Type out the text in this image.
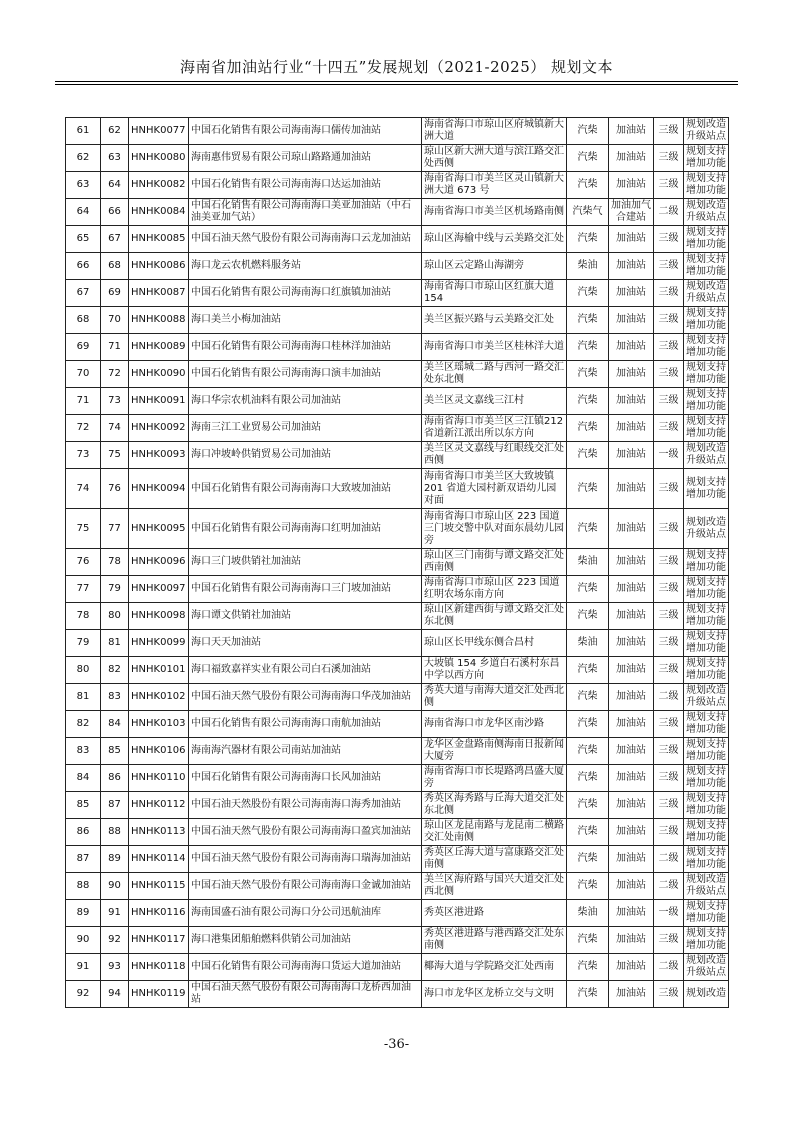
海南省加油站行业“十四五”发展规划（2021-2025） 规划文本
61	62	HNHK0077	中国石化销售有限公司海南海口儒传加油站	海南省海口市琼山区府城镇新大洲大道	汽柴	加油站	三级	规划改造升级站点
62	63	HNHK0080	海南惠伟贸易有限公司琼山路路通加油站	琼山区新大洲大道与滨江路交汇处西侧	汽柴	加油站	三级	规划支持增加功能
63	64	HNHK0082	中国石化销售有限公司海南海口达运加油站	海南省海口市美兰区灵山镇新大洲大道 673 号	汽柴	加油站	三级	规划支持增加功能
64	66	HNHK0084	中国石化销售有限公司海南海口美亚加油站（中石油美亚加气站）	海南省海口市美兰区机场路南侧	汽柴气	加油加气合建站	二级	规划改造升级站点
65	67	HNHK0085	中国石油天然气股份有限公司海南海口云龙加油站	琼山区海榆中线与云美路交汇处	汽柴	加油站	三级	规划支持增加功能
66	68	HNHK0086	海口龙云农机燃料服务站	琼山区云定路山海湖旁	柴油	加油站	三级	规划支持增加功能
67	69	HNHK0087	中国石化销售有限公司海南海口红旗镇加油站	海南省海口市琼山区红旗大道154	汽柴	加油站	三级	规划改造升级站点
68	70	HNHK0088	海口美兰小梅加油站	美兰区振兴路与云美路交汇处	汽柴	加油站	三级	规划支持增加功能
69	71	HNHK0089	中国石化销售有限公司海南海口桂林洋加油站	海南省海口市美兰区桂林洋大道	汽柴	加油站	三级	规划支持增加功能
70	72	HNHK0090	中国石化销售有限公司海南海口演丰加油站	美兰区瑶城二路与西河一路交汇处东北侧	汽柴	加油站	三级	规划支持增加功能
71	73	HNHK0091	海口华宗农机油料有限公司加油站	美兰区灵文嘉线三江村	汽柴	加油站	三级	规划支持增加功能
72	74	HNHK0092	海南三江工业贸易公司加油站	海南省海口市美兰区三江镇212 省道新江派出所以东方向	汽柴	加油站	三级	规划支持增加功能
73	75	HNHK0093	海口冲坡岭供销贸易公司加油站	美兰区灵文嘉线与红眼线交汇处西侧	汽柴	加油站	一级	规划改造升级站点
74	76	HNHK0094	中国石化销售有限公司海南海口大致坡加油站	海南省海口市美兰区大致坡镇201 省道大园村新双语幼儿园对面	汽柴	加油站	三级	规划支持增加功能
75	77	HNHK0095	中国石化销售有限公司海南海口红明加油站	海南省海口市琼山区 223 国道三门坡交警中队对面东晨幼儿园旁	汽柴	加油站	三级	规划改造升级站点
76	78	HNHK0096	海口三门坡供销社加油站	琼山区三门南街与谭文路交汇处西南侧	柴油	加油站	三级	规划支持增加功能
77	79	HNHK0097	中国石化销售有限公司海南海口三门坡加油站	海南省海口市琼山区 223 国道红明农场东南方向	汽柴	加油站	三级	规划支持增加功能
78	80	HNHK0098	海口谭文供销社加油站	琼山区新建西街与谭文路交汇处东北侧	汽柴	加油站	三级	规划支持增加功能
79	81	HNHK0099	海口天天加油站	琼山区长甲线东侧合昌村	柴油	加油站	三级	规划支持增加功能
80	82	HNHK0101	海口福致嘉祥实业有限公司白石溪加油站	大坡镇 154 乡道白石溪村东昌中学以西方向	汽柴	加油站	三级	规划支持增加功能
81	83	HNHK0102	中国石油天然气股份有限公司海南海口华茂加油站	秀英大道与南海大道交汇处西北侧	汽柴	加油站	二级	规划改造升级站点
82	84	HNHK0103	中国石化销售有限公司海南海口南航加油站	海南省海口市龙华区南沙路	汽柴	加油站	三级	规划支持增加功能
83	85	HNHK0106	海南海汽器材有限公司南站加油站	龙华区金盘路南侧海南日报新闻大厦旁	汽柴	加油站	三级	规划支持增加功能
84	86	HNHK0110	中国石化销售有限公司海南海口长风加油站	海南省海口市长堤路鸿昌盛大厦旁	汽柴	加油站	三级	规划支持增加功能
85	87	HNHK0112	中国石油天然股份有限公司海南海口海秀加油站	秀英区海秀路与丘海大道交汇处东北侧	汽柴	加油站	三级	规划支持增加功能
86	88	HNHK0113	中国石油天然气股份有限公司海南海口盈宾加油站	琼山区龙昆南路与龙昆南二横路交汇处南侧	汽柴	加油站	三级	规划支持增加功能
87	89	HNHK0114	中国石油天然气股份有限公司海南海口瑞海加油站	秀英区丘海大道与富康路交汇处南侧	汽柴	加油站	二级	规划支持增加功能
88	90	HNHK0115	中国石油天然气股份有限公司海南海口金诚加油站	美兰区海府路与国兴大道交汇处西北侧	汽柴	加油站	二级	规划改造升级站点
89	91	HNHK0116	海南国盛石油有限公司海口分公司迅航油库	秀英区港进路	柴油	加油站	一级	规划支持增加功能
90	92	HNHK0117	海口港集团船舶燃料供销公司加油站	秀英区港进路与港西路交汇处东南侧	汽柴	加油站	三级	规划支持增加功能
91	93	HNHK0118	中国石化销售有限公司海南海口货运大道加油站	椰海大道与学院路交汇处西南	汽柴	加油站	二级	规划改造升级站点
92	94	HNHK0119	中国石油天然气股份有限公司海南海口龙桥西加油站	海口市龙华区龙桥立交与文明	汽柴	加油站	三级	规划改造
-36-
